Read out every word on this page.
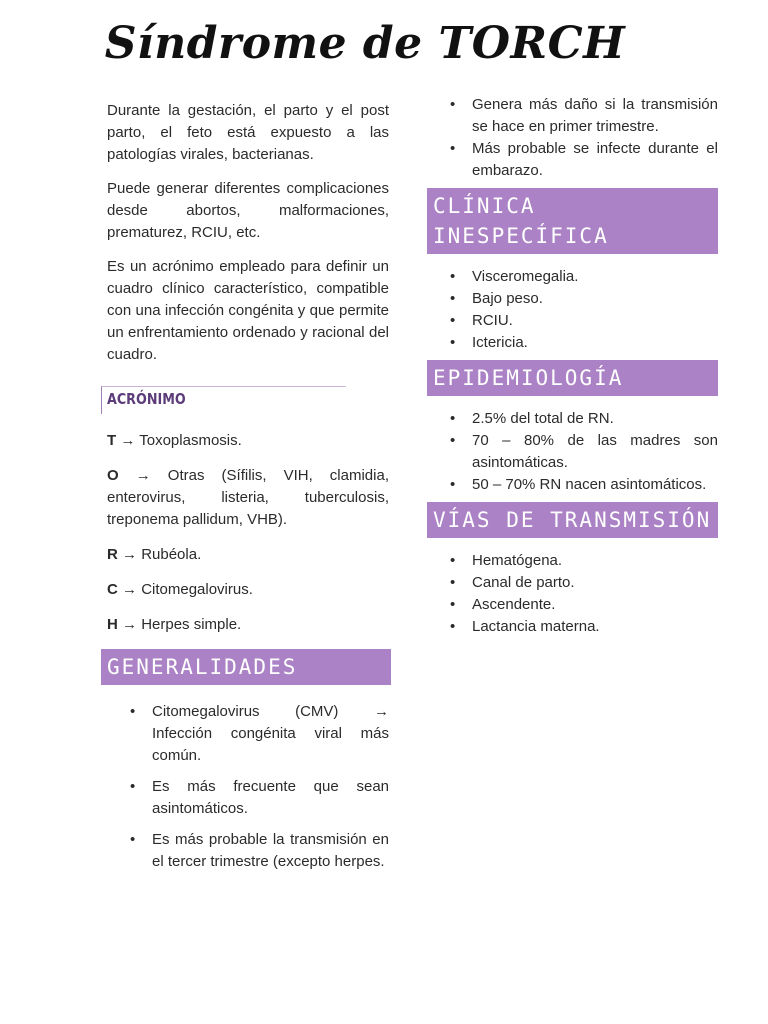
Síndrome de TORCH

Durante la gestación, el parto y el post parto, el feto está expuesto a las patologías virales, bacterianas.

Puede generar diferentes complicaciones desde abortos, malformaciones, prematurez, RCIU, etc.

Es un acrónimo empleado para definir un cuadro clínico característico, compatible con una infección congénita y que permite un enfrentamiento ordenado y racional del cuadro.

ACRÓNIMO
T → Toxoplasmosis.
O → Otras (Sífilis, VIH, clamidia, enterovirus, listeria, tuberculosis, treponema pallidum, VHB).
R → Rubéola.
C → Citomegalovirus.
H → Herpes simple.
GENERALIDADES
• Citomegalovirus (CMV) → Infección congénita viral más común.
• Es más frecuente que sean asintomáticos.
• Es más probable la transmisión en el tercer trimestre (excepto herpes.
• Genera más daño si la transmisión se hace en primer trimestre.
• Más probable se infecte durante el embarazo.
CLÍNICA INESPECÍFICA
• Visceromegalia.
• Bajo peso.
• RCIU.
• Ictericia.
EPIDEMIOLOGÍA
• 2.5% del total de RN.
• 70 – 80% de las madres son asintomáticas.
• 50 – 70% RN nacen asintomáticos.
VÍAS DE TRANSMISIÓN
• Hematógena.
• Canal de parto.
• Ascendente.
• Lactancia materna.
